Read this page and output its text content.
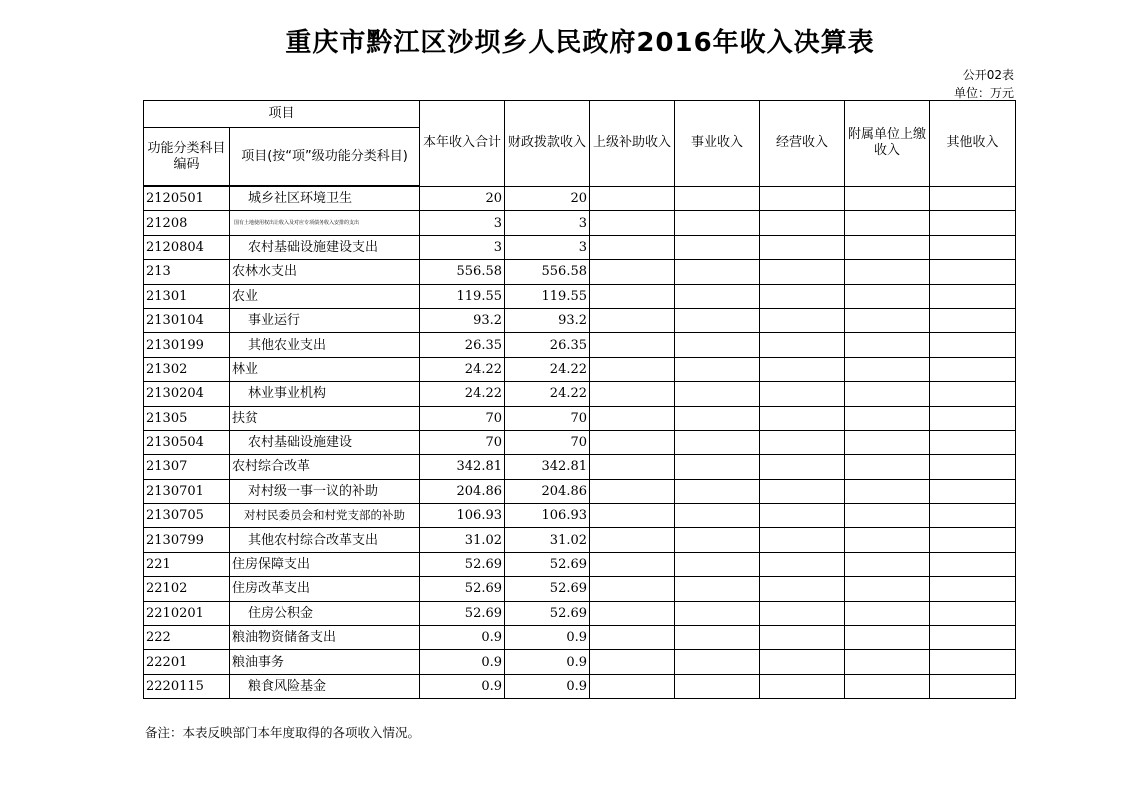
重庆市黔江区沙坝乡人民政府2016年收入决算表
公开02表
单位：万元
项目		本年收入合计	财政拨款收入	上级补助收入	事业收入	经营收入	附属单位上缴收入	其他收入
功能分类科目编码	项目(按“项”级功能分类科目)							
2120501	城乡社区环境卫生	20	20					
21208	国有土地使用权出让收入及对应专项债务收入安排的支出	3	3					
2120804	农村基础设施建设支出	3	3					
213	农林水支出	556.58	556.58					
21301	农业	119.55	119.55					
2130104	事业运行	93.2	93.2					
2130199	其他农业支出	26.35	26.35					
21302	林业	24.22	24.22					
2130204	林业事业机构	24.22	24.22					
21305	扶贫	70	70					
2130504	农村基础设施建设	70	70					
21307	农村综合改革	342.81	342.81					
2130701	对村级一事一议的补助	204.86	204.86					
2130705	对村民委员会和村党支部的补助	106.93	106.93					
2130799	其他农村综合改革支出	31.02	31.02					
221	住房保障支出	52.69	52.69					
22102	住房改革支出	52.69	52.69					
2210201	住房公积金	52.69	52.69					
222	粮油物资储备支出	0.9	0.9					
22201	粮油事务	0.9	0.9					
2220115	粮食风险基金	0.9	0.9					
备注：本表反映部门本年度取得的各项收入情况。
